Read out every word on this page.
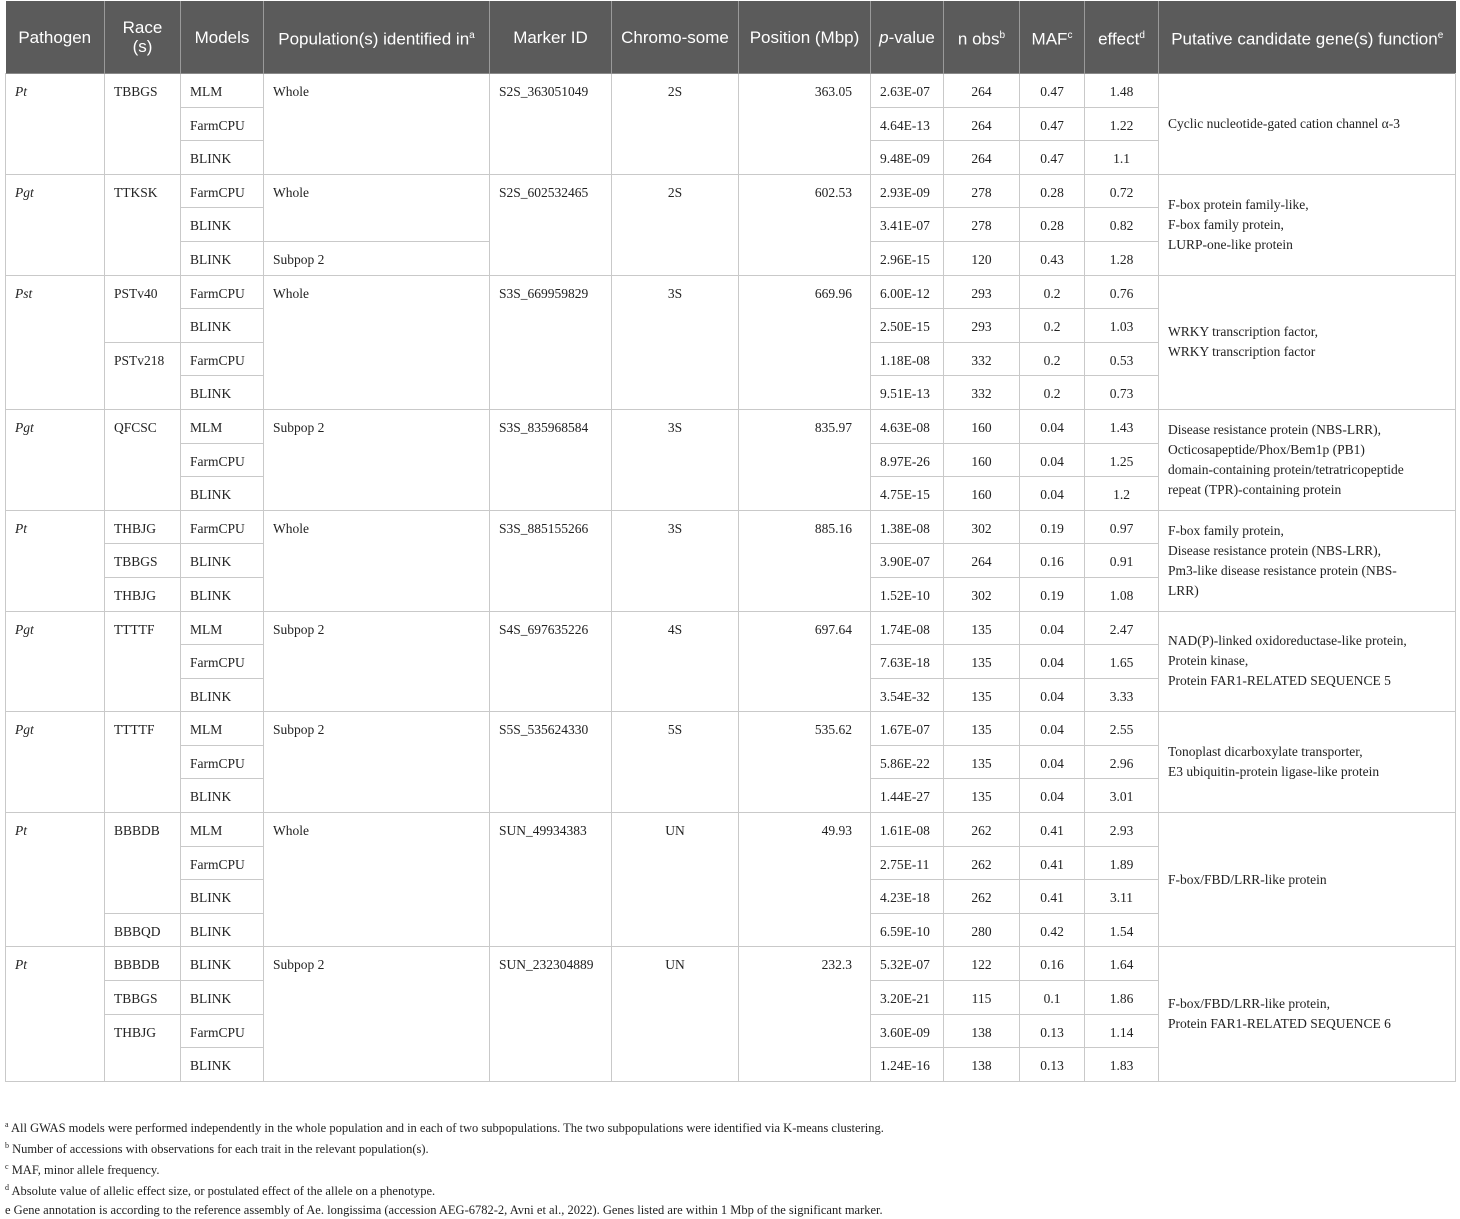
Pathogen	Race (s)	Models	Population(s) identified $in^a$	Marker ID	Chromo-some	Position (Mbp)	p-value	n obs$^b$	MAF$^c$	effect$^d$	Putative candidate gene(s) function$^e$
Pt	TBBGS	MLM	Whole	S2S_363051049	2S	363.05	2.63E-07	264	0.47	1.48	Cyclic nucleotide-gated cation channel α-3

		FarmCPU					4.64E-13	264	0.47	1.22	
		BLINK					9.48E-09	264	0.47	1.1	
Pgt	TTKSK	FarmCPU	Whole	S2S_602532465	2S	602.53	2.93E-09	278	0.28	0.72	F-box protein family-like,
F-box family protein,
LURP-one-like protein

		BLINK					3.41E-07	278	0.28	0.82	
		BLINK	Subpop 2				2.96E-15	120	0.43	1.28	
Pst	PSTv40	FarmCPU	Whole	S3S_669959829	3S	669.96	6.00E-12	293	0.2	0.76	WRKY transcription factor,
WRKY transcription factor

		BLINK					2.50E-15	293	0.2	1.03	
	PSTv218	FarmCPU					1.18E-08	332	0.2	0.53	
		BLINK					9.51E-13	332	0.2	0.73	
Pgt	QFCSC	MLM	Subpop 2	S3S_835968584	3S	835.97	4.63E-08	160	0.04	1.43	Disease resistance protein (NBS-LRR),
Octicosapeptide/Phox/Bem1p (PB1)
domain-containing protein/tetratricopeptide
repeat (TPR)-containing protein

		FarmCPU					8.97E-26	160	0.04	1.25	
		BLINK					4.75E-15	160	0.04	1.2	
Pt	THBJG	FarmCPU	Whole	S3S_885155266	3S	885.16	1.38E-08	302	0.19	0.97	F-box family protein,
Disease resistance protein (NBS-LRR),
Pm3-like disease resistance protein (NBS-
LRR)

	TBBGS	BLINK					3.90E-07	264	0.16	0.91	
	THBJG	BLINK					1.52E-10	302	0.19	1.08	
Pgt	TTTTF	MLM	Subpop 2	S4S_697635226	4S	697.64	1.74E-08	135	0.04	2.47	NAD(P)-linked oxidoreductase-like protein,
Protein kinase,
Protein FAR1-RELATED SEQUENCE 5

		FarmCPU					7.63E-18	135	0.04	1.65	
		BLINK					3.54E-32	135	0.04	3.33	
Pgt	TTTTF	MLM	Subpop 2	S5S_535624330	5S	535.62	1.67E-07	135	0.04	2.55	Tonoplast dicarboxylate transporter,
E3 ubiquitin-protein ligase-like protein

		FarmCPU					5.86E-22	135	0.04	2.96	
		BLINK					1.44E-27	135	0.04	3.01	
Pt	BBBDB	MLM	Whole	SUN_49934383	UN	49.93	1.61E-08	262	0.41	2.93	F-box/FBD/LRR-like protein

		FarmCPU					2.75E-11	262	0.41	1.89	
		BLINK					4.23E-18	262	0.41	3.11	
	BBBQD	BLINK					6.59E-10	280	0.42	1.54	
Pt	BBBDB	BLINK	Subpop 2	SUN_232304889	UN	232.3	5.32E-07	122	0.16	1.64	F-box/FBD/LRR-like protein,
Protein FAR1-RELATED SEQUENCE 6

	TBBGS	BLINK					3.20E-21	115	0.1	1.86	
	THBJG	FarmCPU					3.60E-09	138	0.13	1.14	
		BLINK					1.24E-16	138	0.13	1.83	
$^a$ All GWAS models were performed independently in the whole population and in each of two subpopulations. The two subpopulations were identified via K-means clustering.
$^b$ Number of accessions with observations for each trait in the relevant population(s).
$^c$ MAF, minor allele frequency.
$^d$ Absolute value of allelic effect size, or postulated effect of the allele on a phenotype.
e Gene annotation is according to the reference assembly of Ae. longissima (accession AEG-6782-2, Avni et al., 2022). Genes listed are within 1 Mbp of the significant marker.
